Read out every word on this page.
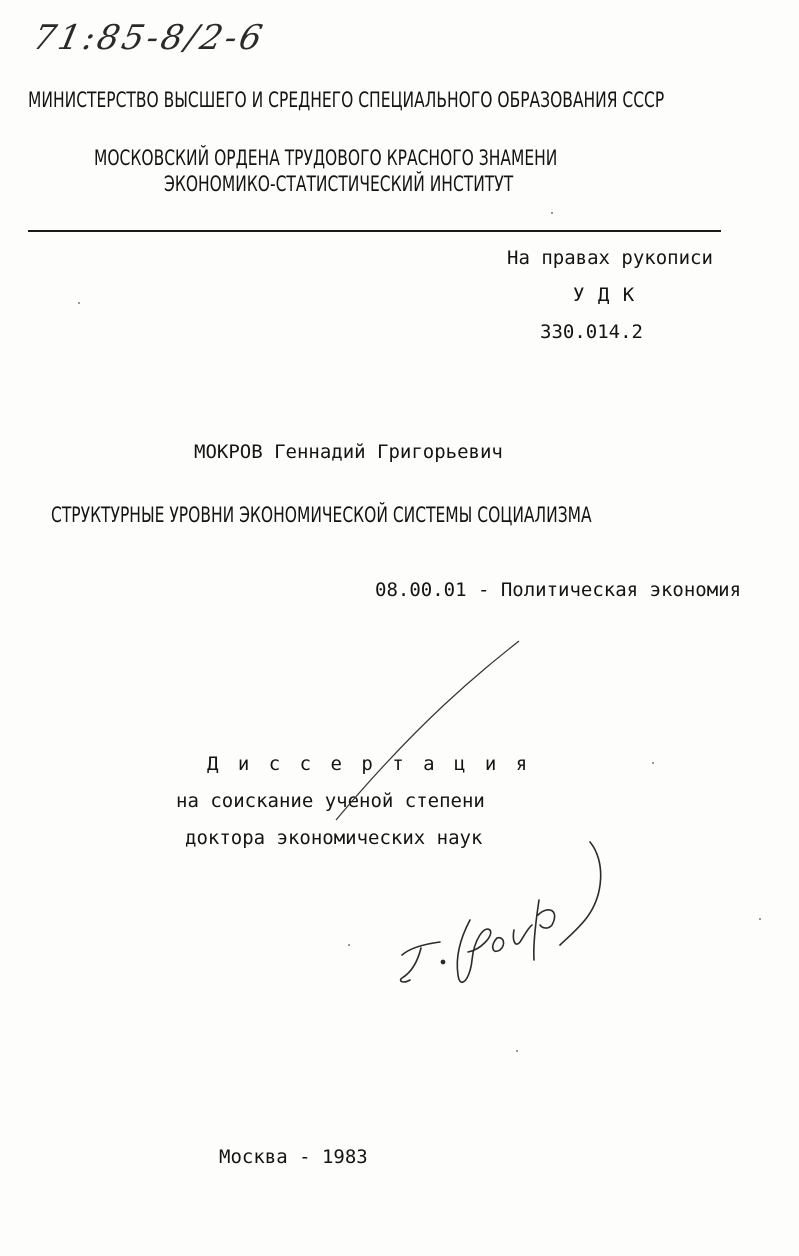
71:85-8/2-6
МИНИСТЕРСТВО ВЫСШЕГО И СРЕДНЕГО СПЕЦИАЛЬНОГО ОБРАЗОВАНИЯ СССР
МОСКОВСКИЙ ОРДЕНА ТРУДОВОГО КРАСНОГО ЗНАМЕНИ
ЭКОНОМИКО-СТАТИСТИЧЕСКИЙ ИНСТИТУТ
На правах рукописи
У Д К
330.014.2
МОКРОВ Геннадий Григорьевич
СТРУКТУРНЫЕ УРОВНИ ЭКОНОМИЧЕСКОЙ СИСТЕМЫ СОЦИАЛИЗМА
08.00.01 - Политическая экономия
Д и с с е р т а ц и я
на соискание ученой степени
доктора экономических наук
Москва - 1983
